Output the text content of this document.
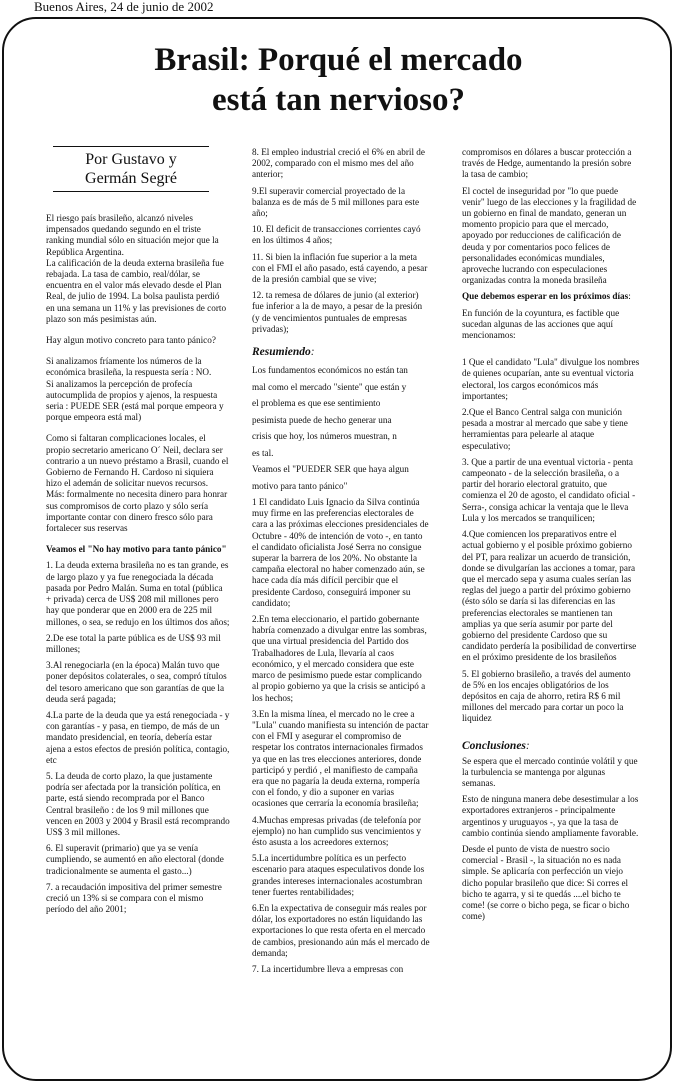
Buenos Aires, 24 de junio de 2002
Brasil: Porqué el mercado
está tan nervioso?
Por Gustavo y
Germán Segré

El riesgo país brasileño, alcanzó niveles impensados quedando segundo en el triste ranking mundial sólo en situación mejor que la República Argentina.

La calificación de la deuda externa brasileña fue rebajada. La tasa de cambio, real/dólar, se encuentra en el valor más elevado desde el Plan Real, de julio de 1994. La bolsa paulista perdió en una semana un 11% y las previsiones de corto plazo son más pesimistas aún.

Hay algun motivo concreto para tanto pánico?

Si analizamos fríamente los números de la económica brasileña, la respuesta sería : NO.

Si analizamos la percepción de profecía autocumplida de propios y ajenos, la respuesta seria : PUEDE SER (está mal porque empeora y porque empeora está mal)

Como si faltaran complicaciones locales, el propio secretario americano O´ Neil, declara ser contrario a un nuevo préstamo a Brasil, cuando el Gobierno de Fernando H. Cardoso ni siquiera hizo el ademán de solicitar nuevos recursos.

Más: formalmente no necesita dinero para honrar sus compromisos de corto plazo y sólo sería importante contar con dinero fresco sólo para fortalecer sus reservas

Veamos el "No hay motivo para tanto pánico"

1. La deuda externa brasileña no es tan grande, es de largo plazo y ya fue renegociada la década pasada por Pedro Malán. Suma en total (pública + privada) cerca de US$ 208 mil millones pero hay que ponderar que en 2000 era de 225 mil millones, o sea, se redujo en los últimos dos años;

2.De ese total la parte pública es de US$ 93 mil millones;

3.Al renegociarla (en la época) Malán tuvo que poner depósitos colaterales, o sea, compró títulos del tesoro americano que son garantías de que la deuda será pagada;

4.La parte de la deuda que ya está renegociada - y con garantías - y pasa, en tiempo, de más de un mandato presidencial, en teoría, debería estar ajena a estos efectos de presión política, contagio, etc

5. La deuda de corto plazo, la que justamente podría ser afectada por la transición política, en parte, está siendo recomprada por el Banco Central brasileño : de los 9 mil millones que vencen en 2003 y 2004 y Brasil está recomprando US$ 3 mil millones.

6. El superavit (primario) que ya se venía cumpliendo, se aumentó en año electoral (donde tradicionalmente se aumenta el gasto...)

7. a recaudación impositiva del primer semestre creció un 13% si se compara con el mismo período del año 2001;

8. El empleo industrial creció el 6% en abril de 2002, comparado con el mismo mes del año anterior;

9.El superavir comercial proyectado de la balanza es de más de 5 mil millones para este año;

10. El deficit de transacciones corrientes cayó en los últimos 4 años;

11. Si bien la inflación fue superior a la meta con el FMI el año pasado, está cayendo, a pesar de la presión cambial que se vive;

12. ta remesa de dólares de junio (al exterior) fue inferior a la de mayo, a pesar de la presión (y de vencimientos puntuales de empresas privadas);

Resumiendo:

Los fundamentos económicos no están tan

mal como el mercado "siente" que están y

el problema es que ese sentimiento

pesimista puede de hecho generar una

crisis que hoy, los números muestran, n

es tal.

Veamos el "PUEDER SER que haya algun

motivo para tanto pánico"

1 El candidato Luis Ignacio da Silva continúa muy firme en las preferencias electorales de cara a las próximas elecciones presidenciales de Octubre - 40% de intención de voto -, en tanto el candidato oficialista José Serra no consigue superar la barrera de los 20%. No obstante la campaña electoral no haber comenzado aún, se hace cada día más difícil percibir que el presidente Cardoso, conseguirá imponer su candidato;

2.En tema eleccionario, el partido gobernante habría comenzado a divulgar entre las sombras, que una virtual presidencia del Partido dos Trabalhadores de Lula, llevaría al caos económico, y el mercado considera que este marco de pesimismo puede estar complicando al propio gobierno ya que la crisis se anticipó a los hechos;

3.En la misma línea, el mercado no le cree a "Lula" cuando manifiesta su intención de pactar con el FMI y asegurar el compromiso de respetar los contratos internacionales firmados ya que en las tres elecciones anteriores, donde participó y perdió , el manifiesto de campaña era que no pagaría la deuda externa, rompería con el fondo, y dio a suponer en varias ocasiones que cerraría la economía brasileña;

4.Muchas empresas privadas (de telefonía por ejemplo) no han cumplido sus vencimientos y ésto asusta a los acreedores externos;

5.La incertidumbre política es un perfecto escenario para ataques especulativos donde los grandes intereses internacionales acostumbran tener fuertes rentabilidades;

6.En la expectativa de conseguir más reales por dólar, los exportadores no están liquidando las exportaciones lo que resta oferta en el mercado de cambios, presionando aún más el mercado de demanda;

7. La incertidumbre lleva a empresas con

compromisos en dólares a buscar protección a través de Hedge, aumentando la presión sobre la tasa de cambio;

El coctel de inseguridad por "lo que puede venir" luego de las elecciones y la fragilidad de un gobierno en final de mandato, generan un momento propicio para que el mercado, apoyado por reducciones de calificación de deuda y por comentarios poco felices de personalidades económicas mundiales, aproveche lucrando con especulaciones organizadas contra la moneda brasileña

Que debemos esperar en los próximos días:

En función de la coyuntura, es factible que sucedan algunas de las acciones que aquí mencionamos:

1 Que el candidato "Lula" divulgue los nombres de quienes ocuparían, ante su eventual victoria electoral, los cargos económicos más importantes;

2.Que el Banco Central salga con munición pesada a mostrar al mercado que sabe y tiene herramientas para pelearle al ataque especulativo;

3. Que a partir de una eventual victoria - penta campeonato - de la selección brasileña, o a partir del horario electoral gratuito, que comienza el 20 de agosto, el candidato oficial - Serra-, consiga achicar la ventaja que le lleva Lula y los mercados se tranquilicen;

4.Que comiencen los preparativos entre el actual gobierno y el posible próximo gobierno del PT, para realizar un acuerdo de transición, donde se divulgarían las acciones a tomar, para que el mercado sepa y asuma cuales serían las reglas del juego a partir del próximo gobierno (ésto sólo se daría si las diferencias en las preferencias electorales se mantienen tan amplias ya que sería asumir por parte del gobierno del presidente Cardoso que su candidato perdería la posibilidad de convertirse en el próximo presidente de los brasileños

5. El gobierno brasileño, a través del aumento de 5% en los encajes obligatórios de los depósitos en caja de ahorro, retira R$ 6 mil millones del mercado para cortar un poco la liquidez

Conclusiones:

Se espera que el mercado continúe volátil y que la turbulencia se mantenga por algunas semanas.

Esto de ninguna manera debe desestimular a los exportadores extranjeros - principalmente argentinos y uruguayos -, ya que la tasa de cambio continúa siendo ampliamente favorable.

Desde el punto de vista de nuestro socio comercial - Brasil -, la situación no es nada simple. Se aplicaría con perfección un viejo dicho popular brasileño que dice: Si corres el bicho te agarra, y si te quedás ....el bicho te come! (se corre o bicho pega, se ficar o bicho come)
